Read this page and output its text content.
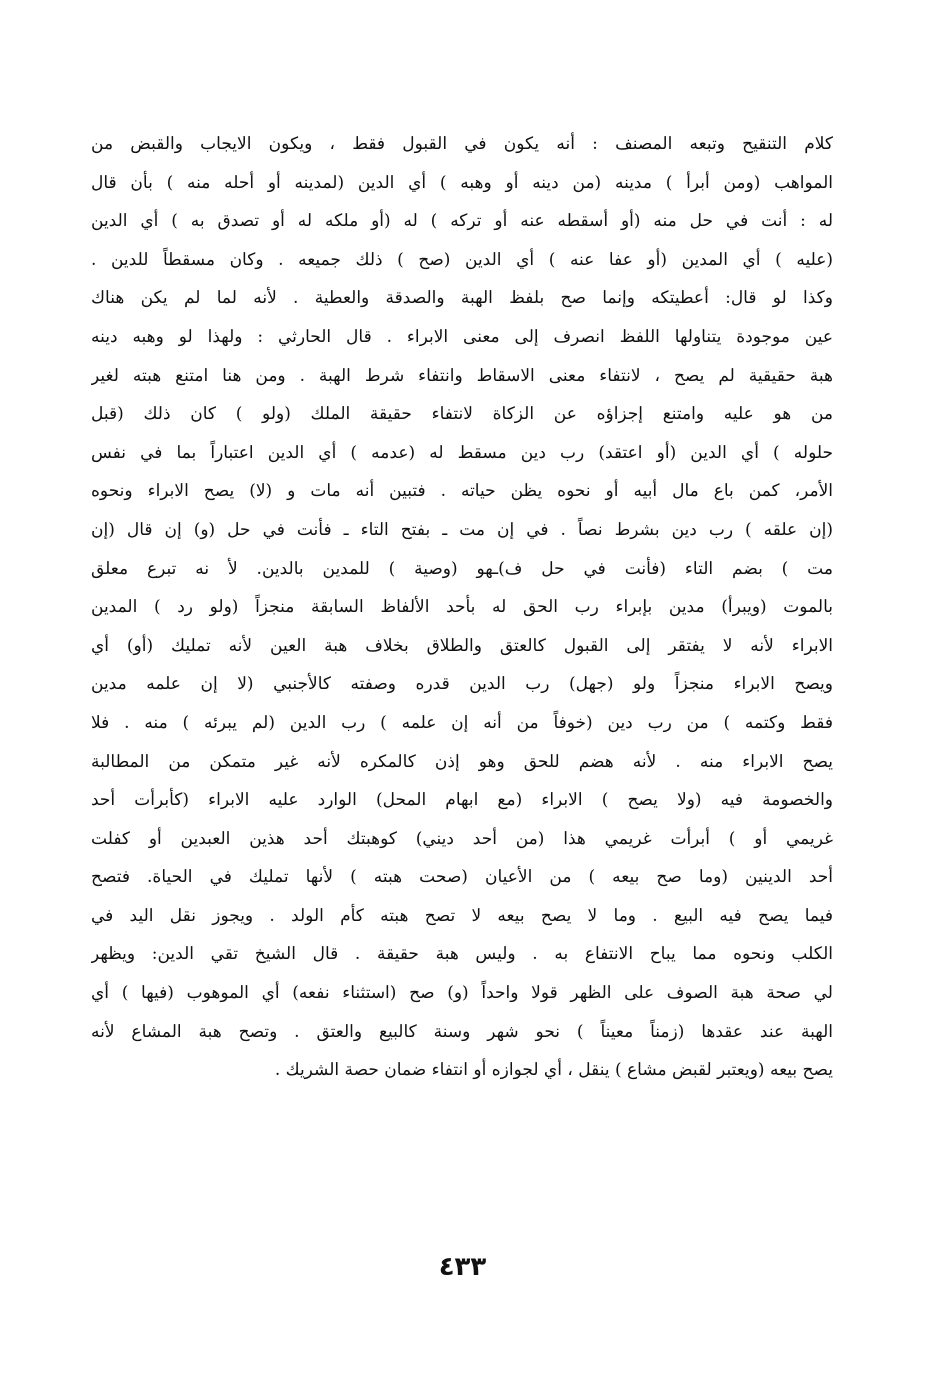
كلام التنقيح وتبعه المصنف : أنه يكون في القبول فقط ، ويكون الايجاب والقبض من
المواهب (ومن أبرأ ) مدينه (من دينه أو وهبه ) أي الدين (لمدينه أو أحله منه ) بأن قال
له : أنت في حل منه (أو أسقطه عنه أو تركه ) له (أو ملكه له أو تصدق به ) أي الدين
(عليه ) أي المدين (أو عفا عنه ) أي الدين (صح ) ذلك جميعه . وكان مسقطاً للدين .
وكذا لو قال: أعطيتكه وإنما صح بلفظ الهبة والصدقة والعطية . لأنه لما لم يكن هناك
عين موجودة يتناولها اللفظ انصرف إلى معنى الابراء . قال الحارثي : ولهذا لو وهبه دينه
هبة حقيقية لم يصح ، لانتفاء معنى الاسقاط وانتفاء شرط الهبة . ومن هنا امتنع هبته لغير
من هو عليه وامتنع إجزاؤه عن الزكاة لانتفاء حقيقة الملك (ولو ) كان ذلك (قبل
حلوله ) أي الدين (أو اعتقد) رب دين مسقط له (عدمه ) أي الدين اعتباراً بما في نفس
الأمر، كمن باع مال أبيه أو نحوه يظن حياته . فتبين أنه مات و (لا) يصح الابراء ونحوه
(إن علقه ) رب دين بشرط نصاً . في إن مت ـ بفتح التاء ـ فأنت في حل (و) إن قال (إن
مت ) بضم التاء (فأنت في حل ف)ـهو (وصية ) للمدين بالدين. لأ نه تبرع معلق
بالموت (ويبرأ) مدين بإبراء رب الحق له بأحد الألفاظ السابقة منجزاً (ولو رد ) المدين
الابراء لأنه لا يفتقر إلى القبول كالعتق والطلاق بخلاف هبة العين لأنه تمليك (أو) أي
ويصح الابراء منجزاً ولو (جهل) رب الدين قدره وصفته كالأجنبي (لا إن علمه مدين
فقط وكتمه ) من رب دين (خوفاً من أنه إن علمه ) رب الدين (لم يبرئه ) منه . فلا
يصح الابراء منه . لأنه هضم للحق وهو إذن كالمكره لأنه غير متمكن من المطالبة
والخصومة فيه (ولا يصح ) الابراء (مع ابهام المحل) الوارد عليه الابراء (كأبرأت أحد
غريمي أو ) أبرأت غريمي هذا (من أحد ديني) كوهبتك أحد هذين العبدين أو كفلت
أحد الدينين (وما صح بيعه ) من الأعيان (صحت هبته ) لأنها تمليك في الحياة. فتصح
فيما يصح فيه البيع . وما لا يصح بيعه لا تصح هبته كأم الولد . ويجوز نقل اليد في
الكلب ونحوه مما يباح الانتفاع به . وليس هبة حقيقة . قال الشيخ تقي الدين: ويظهر
لي صحة هبة الصوف على الظهر قولا واحداً (و) صح (استثناء نفعه) أي الموهوب (فيها ) أي
الهبة عند عقدها (زمناً معيناً ) نحو شهر وسنة كالبيع والعتق . وتصح هبة المشاع لأنه
يصح بيعه (ويعتبر لقبض مشاع ) ينقل ، أي لجوازه أو انتفاء ضمان حصة الشريك .
٤٣٣
